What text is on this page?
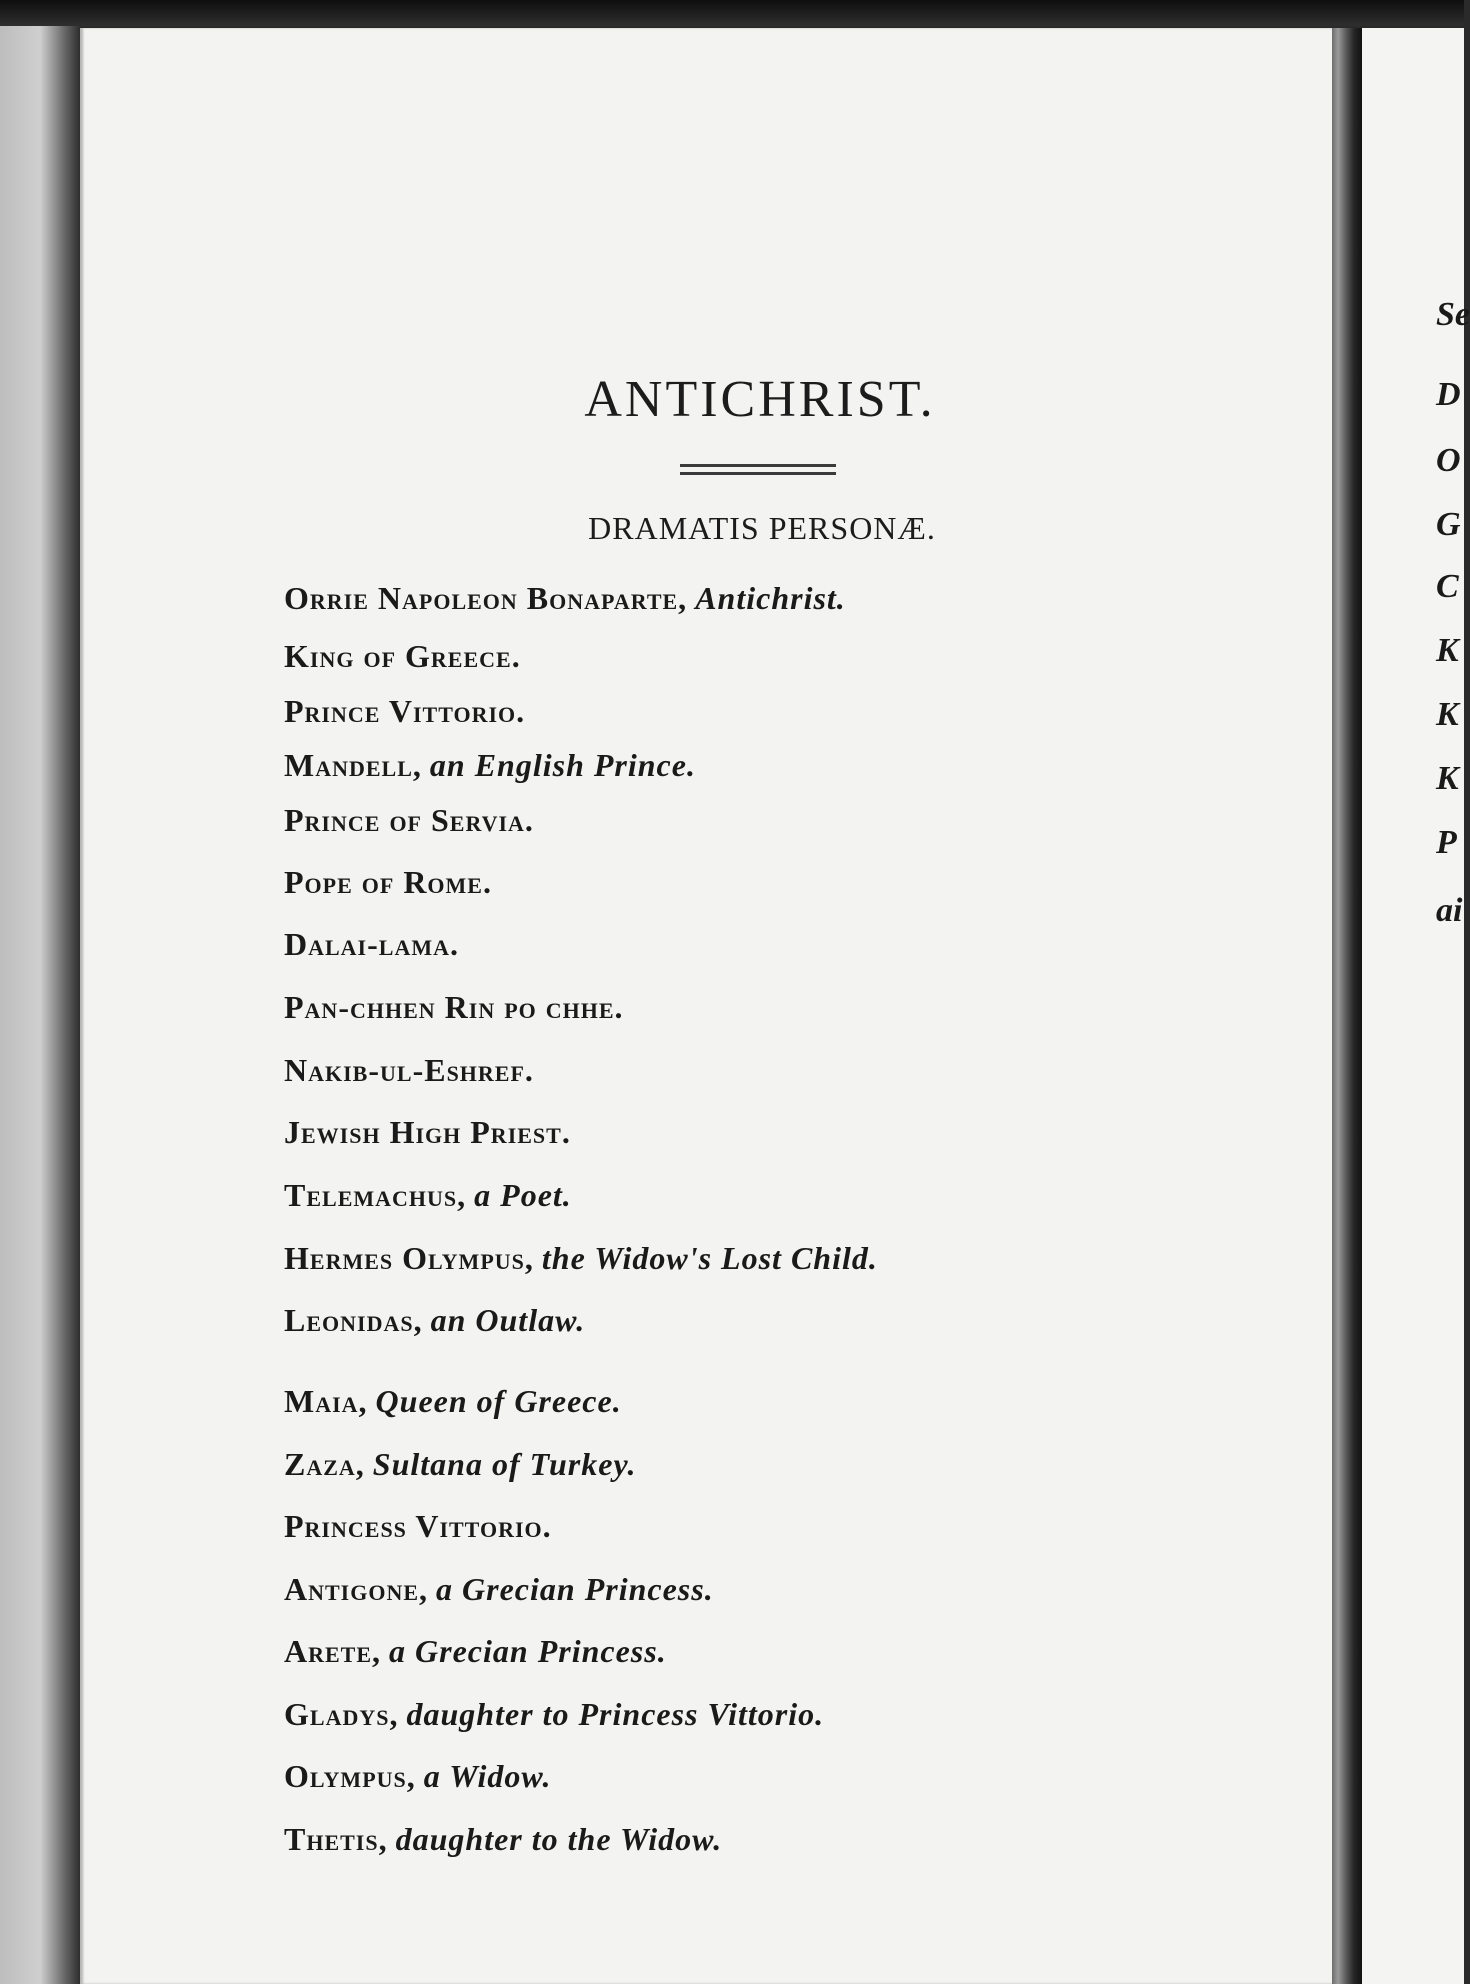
ANTICHRIST.
DRAMATIS PERSONÆ.
Orrie Napoleon Bonaparte, Antichrist.
King of Greece.
Prince Vittorio.
Mandell, an English Prince.
Prince of Servia.
Pope of Rome.
Dalai-lama.
Pan-chhen Rin po chhe.
Nakib-ul-Eshref.
Jewish High Priest.
Telemachus, a Poet.
Hermes Olympus, the Widow's Lost Child.
Leonidas, an Outlaw.
Maia, Queen of Greece.
Zaza, Sultana of Turkey.
Princess Vittorio.
Antigone, a Grecian Princess.
Arete, a Grecian Princess.
Gladys, daughter to Princess Vittorio.
Olympus, a Widow.
Thetis, daughter to the Widow.
Se
D
O
G
C
K
K
K
P
ai
